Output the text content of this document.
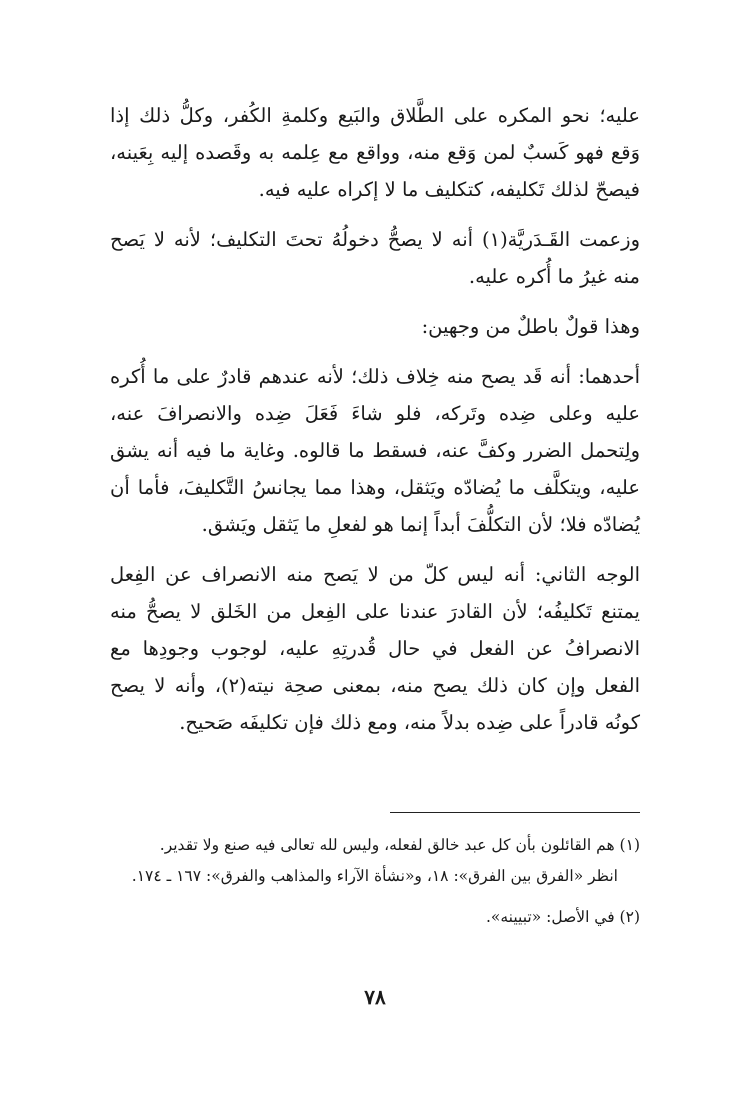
عليه؛ نحو المكره على الطَّلاق والبَيع وكلمةِ الكُفر، وكلُّ ذلك إذا وَقع فهو كَسبٌ لمن وَقع منه، وواقع مع عِلمه به وقَصده إليه بِعَينه، فيصحّ لذلك تَكليفه، كتكليف ما لا إكراه عليه فيه.

وزعمت القَـدَريَّة(١) أنه لا يصحُّ دخولُهُ تحتَ التكليف؛ لأنه لا يَصح منه غيرُ ما أُكره عليه.

وهذا قولٌ باطلٌ من وجهين:

أحدهما: أنه قَد يصح منه خِلاف ذلك؛ لأنه عندهم قادرٌ على ما أُكره عليه وعلى ضِده وتَركه، فلو شاءَ فَعَلَ ضِده والانصرافَ عنه، ولِتحمل الضرر وكفَّ عنه، فسقط ما قالوه. وغاية ما فيه أنه يشق عليه، ويتكلَّف ما يُضادّه ويَثقل، وهذا مما يجانسُ التَّكليفَ، فأما أن يُضادّه فلا؛ لأن التكلُّفَ أبداً إنما هو لفعلِ ما يَثقل ويَشق.

الوجه الثاني: أنه ليس كلّ من لا يَصح منه الانصراف عن الفِعل يمتنع تَكليفُه؛ لأن القادرَ عندنا على الفِعل من الخَلق لا يصحُّ منه الانصرافُ عن الفعل في حال قُدرتِهِ عليه، لوجوب وجودِها مع الفعل وإن كان ذلك يصح منه، بمعنى صحِة نيته(٢)، وأنه لا يصح كونُه قادراً على ضِده بدلاً منه، ومع ذلك فإن تكليفَه صَحيح.

(١) هم القائلون بأن كل عبد خالق لفعله، وليس لله تعالى فيه صنع ولا تقدير.

انظر «الفرق بين الفرق»: ١٨، و«نشأة الآراء والمذاهب والفرق»: ١٦٧ ـ ١٧٤.

(٢) في الأصل: «تبيينه».

٧٨
